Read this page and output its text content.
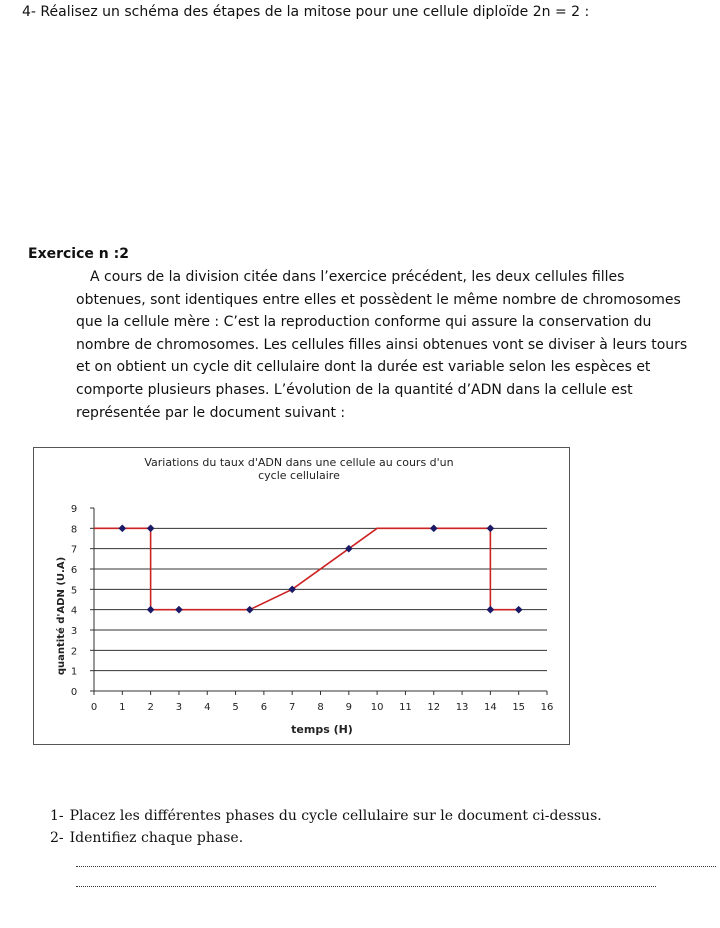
4- Réalisez un schéma des étapes de la mitose pour une cellule diploïde 2n = 2 :
Exercice n :2
A cours de la division citée dans l’exercice précédent, les deux cellules filles
obtenues, sont identiques entre elles et possèdent le même nombre de chromosomes
que la cellule mère : C’est la reproduction conforme qui assure la conservation du
nombre de chromosomes. Les cellules filles ainsi obtenues vont se diviser à leurs tours
et on obtient un cycle dit cellulaire dont la durée est variable selon les espèces et
comporte plusieurs phases. L’évolution de la quantité d’ADN dans la cellule est
représentée par le document suivant :
Variations du taux d'ADN dans une cellule au cours d'un
cycle cellulaire
0
1
2
3
4
5
6
7
8
9
0 1 2 3 4 5 6 7 8 9 10 11 12 13 14 15 16
temps (H)
quantité d'ADN (U.A)
1- Placez les différentes phases du cycle cellulaire sur le document ci-dessus.
2- Identifiez chaque phase.
